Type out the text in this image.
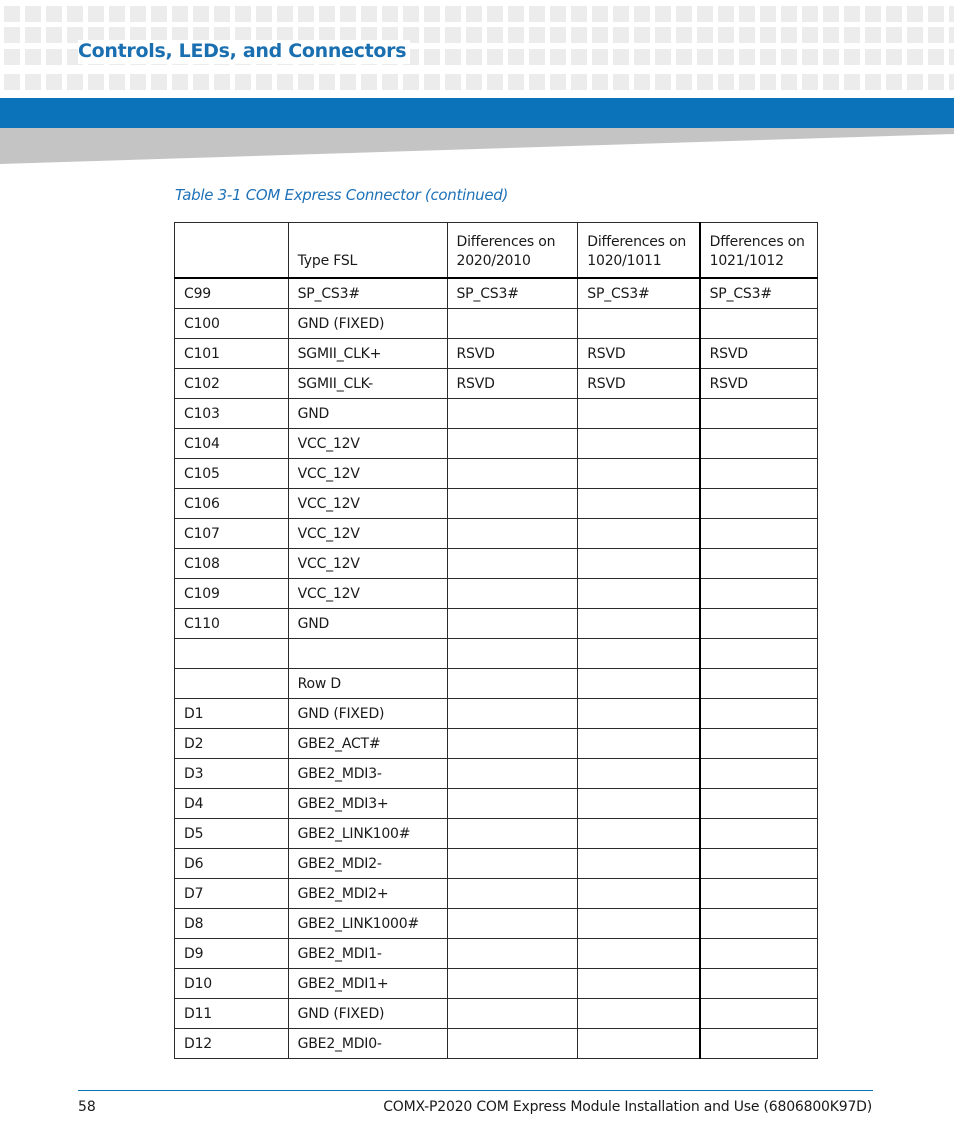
Controls, LEDs, and Connectors
Table 3-1 COM Express Connector (continued)
	Type FSL	Differences on 2020/2010	Differences on 1020/1011	Dfferences on 1021/1012
C99	SP_CS3#	SP_CS3#	SP_CS3#	SP_CS3#
C100	GND (FIXED)			
C101	SGMII_CLK+	RSVD	RSVD	RSVD
C102	SGMII_CLK-	RSVD	RSVD	RSVD
C103	GND			
C104	VCC_12V			
C105	VCC_12V			
C106	VCC_12V			
C107	VCC_12V			
C108	VCC_12V			
C109	VCC_12V			
C110	GND			

	Row D			
D1	GND (FIXED)			
D2	GBE2_ACT#			
D3	GBE2_MDI3-			
D4	GBE2_MDI3+			
D5	GBE2_LINK100#			
D6	GBE2_MDI2-			
D7	GBE2_MDI2+			
D8	GBE2_LINK1000#			
D9	GBE2_MDI1-			
D10	GBE2_MDI1+			
D11	GND (FIXED)			
D12	GBE2_MDI0-			
58	COMX-P2020 COM Express Module Installation and Use (6806800K97D)
